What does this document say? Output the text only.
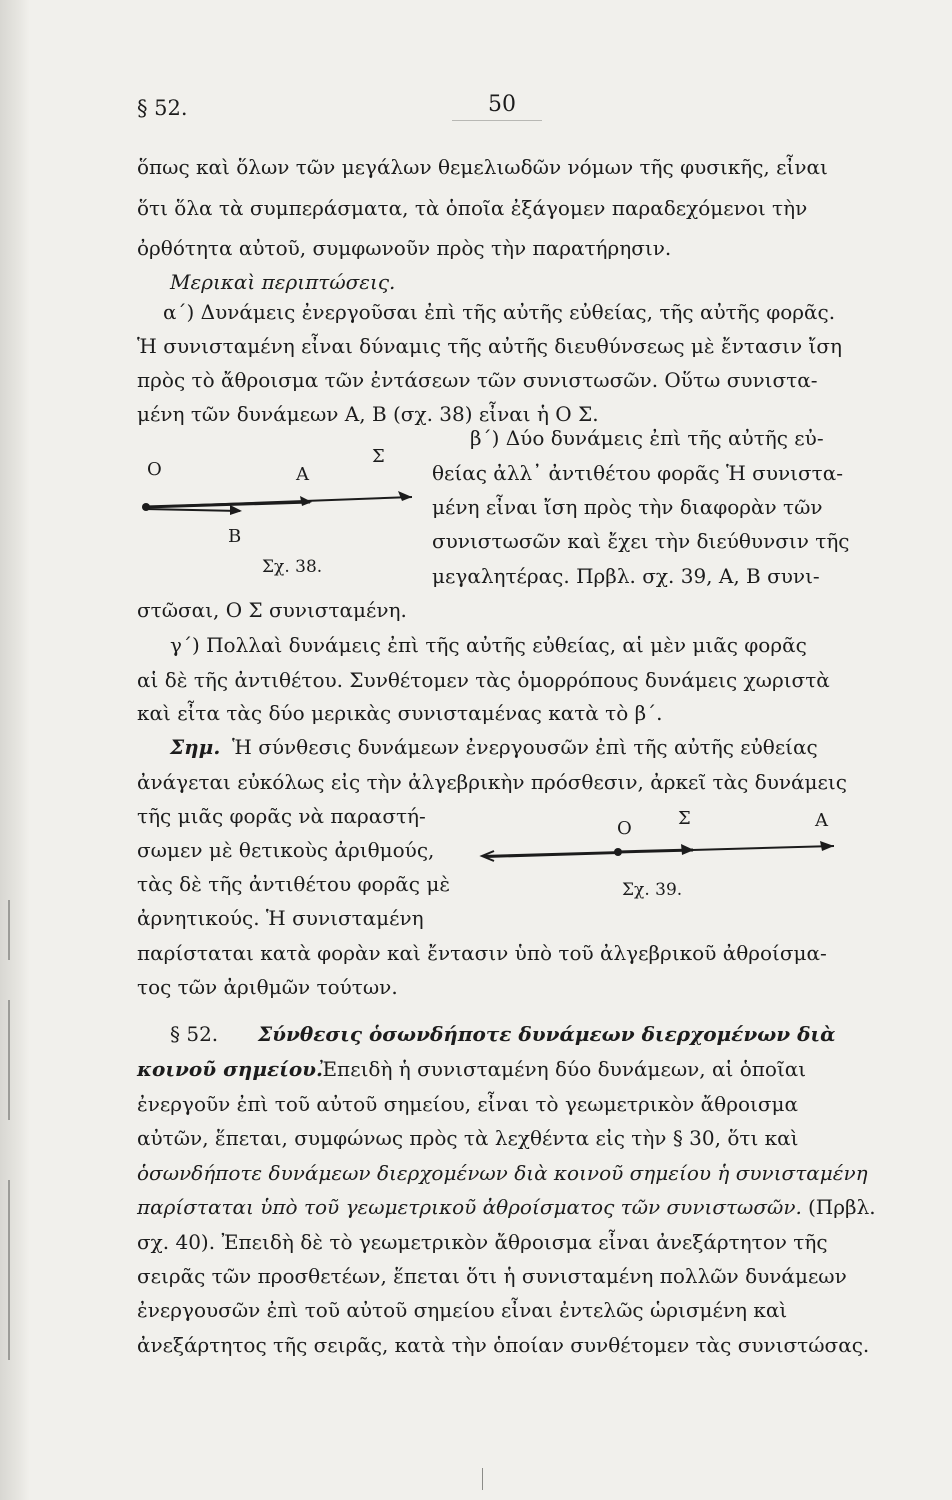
§ 52.	50
ὅπως καὶ ὅλων τῶν μεγάλων θεμελιωδῶν νόμων τῆς φυσικῆς, εἶναι
ὅτι ὅλα τὰ συμπεράσματα, τὰ ὁποῖα ἐξάγομεν παραδεχόμενοι τὴν
ὀρθότητα αὐτοῦ, συμφωνοῦν πρὸς τὴν παρατήρησιν.
Μερικαὶ περιπτώσεις.
α΄) Δυνάμεις ἐνεργοῦσαι ἐπὶ τῆς αὐτῆς εὐθείας, τῆς αὐτῆς φορᾶς.
Ἡ συνισταμένη εἶναι δύναμις τῆς αὐτῆς διευθύνσεως μὲ ἔντασιν ἴση
πρὸς τὸ ἄθροισμα τῶν ἐντάσεων τῶν συνιστωσῶν. Οὕτω συνιστα-
μένη τῶν δυνάμεων Α, Β (σχ. 38) εἶναι ἡ Ο Σ.
Ο	Α
Σ
Β
Σχ. 38.
β΄) Δύο δυνάμεις ἐπὶ τῆς αὐτῆς εὐ-
θείας ἀλλ᾽ ἀντιθέτου φορᾶς Ἡ συνιστα-
μένη εἶναι ἴση πρὸς τὴν διαφορὰν τῶν
συνιστωσῶν καὶ ἔχει τὴν διεύθυνσιν τῆς
μεγαλητέρας. Πρβλ. σχ. 39, Α, Β συνι-
στῶσαι, Ο Σ συνισταμένη.
γ΄) Πολλαὶ δυνάμεις ἐπὶ τῆς αὐτῆς εὐθείας, αἱ μὲν μιᾶς φορᾶς
αἱ δὲ τῆς ἀντιθέτου. Συνθέτομεν τὰς ὁμορρόπους δυνάμεις χωριστὰ
καὶ εἶτα τὰς δύο μερικὰς συνισταμένας κατὰ τὸ β΄.
Σημ. Ἡ σύνθεσις δυνάμεων ἐνεργουσῶν ἐπὶ τῆς αὐτῆς εὐθείας
ἀνάγεται εὐκόλως εἰς τὴν ἀλγεβρικὴν πρόσθεσιν, ἀρκεῖ τὰς δυνάμεις
τῆς μιᾶς φορᾶς νὰ παραστή-
σωμεν μὲ θετικοὺς ἀριθμούς,
τὰς δὲ τῆς ἀντιθέτου φορᾶς μὲ
ἀρνητικούς. Ἡ συνισταμένη
παρίσταται κατὰ φορὰν καὶ ἔντασιν ὑπὸ τοῦ ἀλγεβρικοῦ ἀθροίσμα-
τος τῶν ἀριθμῶν τούτων.
Ο	Σ	Α
Σχ. 39.
§ 52. Σύνθεσις ὁσωνδήποτε δυνάμεων διερχομένων διὰ
κοινοῦ σημείου.
Ἐπειδὴ ἡ συνισταμένη δύο δυνάμεων, αἱ ὁποῖαι
ἐνεργοῦν ἐπὶ τοῦ αὐτοῦ σημείου, εἶναι τὸ γεωμετρικὸν ἄθροισμα
αὐτῶν, ἕπεται, συμφώνως πρὸς τὰ λεχθέντα εἰς τὴν § 30, ὅτι καὶ
ὁσωνδήποτε δυνάμεων διερχομένων διὰ κοινοῦ σημείου ἡ συνισταμένη
παρίσταται ὑπὸ τοῦ γεωμετρικοῦ ἀθροίσματος τῶν συνιστωσῶν. (Πρβλ.
σχ. 40). Ἐπειδὴ δὲ τὸ γεωμετρικὸν ἄθροισμα εἶναι ἀνεξάρτητον τῆς
σειρᾶς τῶν προσθετέων, ἕπεται ὅτι ἡ συνισταμένη πολλῶν δυνάμεων
ἐνεργουσῶν ἐπὶ τοῦ αὐτοῦ σημείου εἶναι ἐντελῶς ὡρισμένη καὶ
ἀνεξάρτητος τῆς σειρᾶς, κατὰ τὴν ὁποίαν συνθέτομεν τὰς συνιστώσας.
